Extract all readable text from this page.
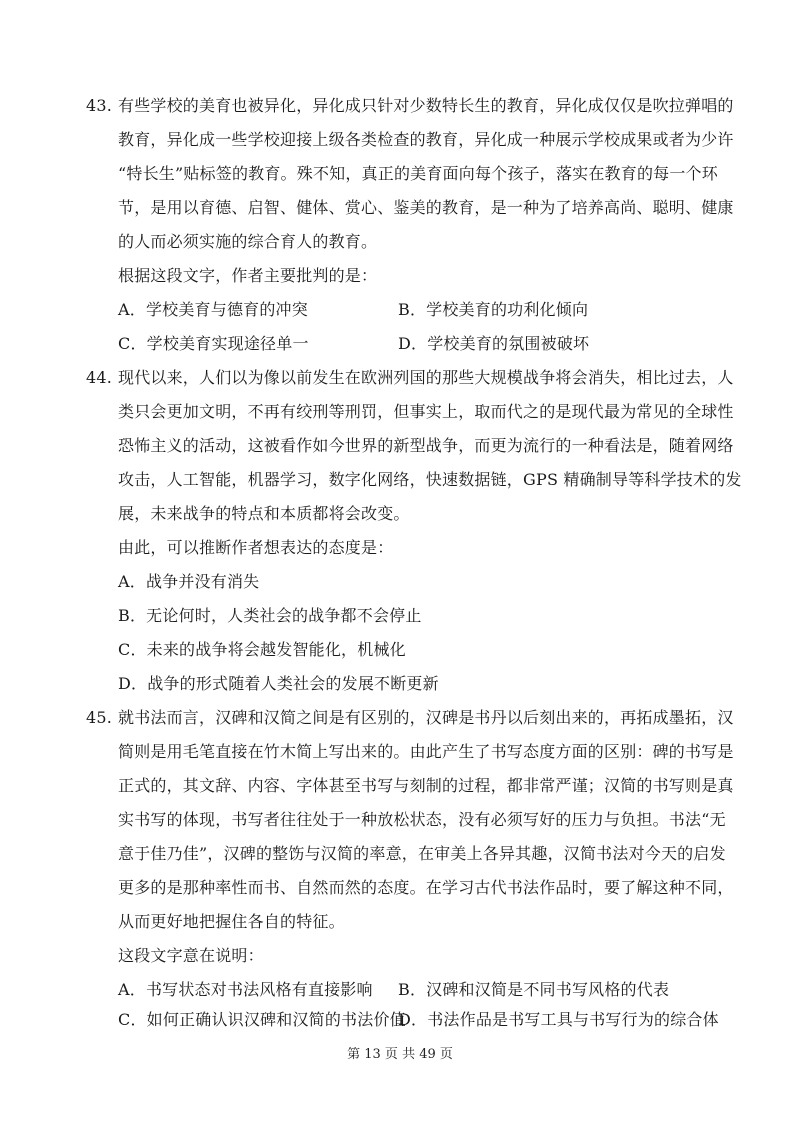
43. 有些学校的美育也被异化，异化成只针对少数特长生的教育，异化成仅仅是吹拉弹唱的
教育，异化成一些学校迎接上级各类检查的教育，异化成一种展示学校成果或者为少许
“特长生”贴标签的教育。殊不知，真正的美育面向每个孩子，落实在教育的每一个环
节，是用以育德、启智、健体、赏心、鉴美的教育，是一种为了培养高尚、聪明、健康
的人而必须实施的综合育人的教育。
根据这段文字，作者主要批判的是：
A．学校美育与德育的冲突	B．学校美育的功利化倾向
C．学校美育实现途径单一	D．学校美育的氛围被破坏
44. 现代以来，人们以为像以前发生在欧洲列国的那些大规模战争将会消失，相比过去，人
类只会更加文明，不再有绞刑等刑罚，但事实上，取而代之的是现代最为常见的全球性
恐怖主义的活动，这被看作如今世界的新型战争，而更为流行的一种看法是，随着网络
攻击，人工智能，机器学习，数字化网络，快速数据链，GPS 精确制导等科学技术的发
展，未来战争的特点和本质都将会改变。
由此，可以推断作者想表达的态度是：
A．战争并没有消失
B．无论何时，人类社会的战争都不会停止
C．未来的战争将会越发智能化，机械化
D．战争的形式随着人类社会的发展不断更新
45. 就书法而言，汉碑和汉简之间是有区别的，汉碑是书丹以后刻出来的，再拓成墨拓，汉
简则是用毛笔直接在竹木简上写出来的。由此产生了书写态度方面的区别：碑的书写是
正式的，其文辞、内容、字体甚至书写与刻制的过程，都非常严谨；汉简的书写则是真
实书写的体现，书写者往往处于一种放松状态，没有必须写好的压力与负担。书法“无
意于佳乃佳”，汉碑的整饬与汉简的率意，在审美上各异其趣，汉简书法对今天的启发
更多的是那种率性而书、自然而然的态度。在学习古代书法作品时，要了解这种不同，
从而更好地把握住各自的特征。
这段文字意在说明：
A．书写状态对书法风格有直接影响 B．汉碑和汉简是不同书写风格的代表
C．如何正确认识汉碑和汉简的书法价值
D．书法作品是书写工具与书写行为的综合体
第 13 页 共 49 页
